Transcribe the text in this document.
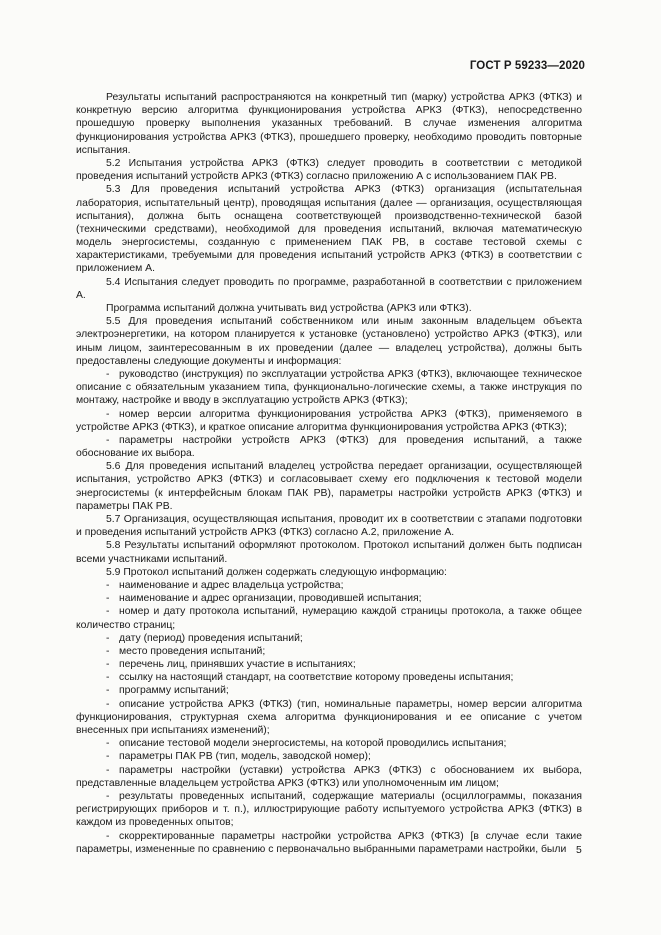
ГОСТ Р 59233—2020

Результаты испытаний распространяются на конкретный тип (марку) устройства АРКЗ (ФТКЗ) и конкретную версию алгоритма функционирования устройства АРКЗ (ФТКЗ), непосредственно прошедшую проверку выполнения указанных требований. В случае изменения алгоритма функционирования устройства АРКЗ (ФТКЗ), прошедшего проверку, необходимо проводить повторные испытания.

5.2 Испытания устройства АРКЗ (ФТКЗ) следует проводить в соответствии с методикой проведения испытаний устройств АРКЗ (ФТКЗ) согласно приложению А с использованием ПАК РВ.

5.3 Для проведения испытаний устройства АРКЗ (ФТКЗ) организация (испытательная лаборатория, испытательный центр), проводящая испытания (далее — организация, осуществляющая испытания), должна быть оснащена соответствующей производственно-технической базой (техническими средствами), необходимой для проведения испытаний, включая математическую модель энергосистемы, созданную с применением ПАК РВ, в составе тестовой схемы с характеристиками, требуемыми для проведения испытаний устройств АРКЗ (ФТКЗ) в соответствии с приложением А.

5.4 Испытания следует проводить по программе, разработанной в соответствии с приложением А.

Программа испытаний должна учитывать вид устройства (АРКЗ или ФТКЗ).

5.5 Для проведения испытаний собственником или иным законным владельцем объекта электроэнергетики, на котором планируется к установке (установлено) устройство АРКЗ (ФТКЗ), или иным лицом, заинтересованным в их проведении (далее — владелец устройства), должны быть предоставлены следующие документы и информация:

- руководство (инструкция) по эксплуатации устройства АРКЗ (ФТКЗ), включающее техническое описание с обязательным указанием типа, функционально-логические схемы, а также инструкция по монтажу, настройке и вводу в эксплуатацию устройств АРКЗ (ФТКЗ);

- номер версии алгоритма функционирования устройства АРКЗ (ФТКЗ), применяемого в устройстве АРКЗ (ФТКЗ), и краткое описание алгоритма функционирования устройства АРКЗ (ФТКЗ);

- параметры настройки устройств АРКЗ (ФТКЗ) для проведения испытаний, а также обоснование их выбора.

5.6 Для проведения испытаний владелец устройства передает организации, осуществляющей испытания, устройство АРКЗ (ФТКЗ) и согласовывает схему его подключения к тестовой модели энергосистемы (к интерфейсным блокам ПАК РВ), параметры настройки устройств АРКЗ (ФТКЗ) и параметры ПАК РВ.

5.7 Организация, осуществляющая испытания, проводит их в соответствии с этапами подготовки и проведения испытаний устройств АРКЗ (ФТКЗ) согласно А.2, приложение А.

5.8 Результаты испытаний оформляют протоколом. Протокол испытаний должен быть подписан всеми участниками испытаний.

5.9 Протокол испытаний должен содержать следующую информацию:

- наименование и адрес владельца устройства;

- наименование и адрес организации, проводившей испытания;

- номер и дату протокола испытаний, нумерацию каждой страницы протокола, а также общее количество страниц;

- дату (период) проведения испытаний;

- место проведения испытаний;

- перечень лиц, принявших участие в испытаниях;

- ссылку на настоящий стандарт, на соответствие которому проведены испытания;

- программу испытаний;

- описание устройства АРКЗ (ФТКЗ) (тип, номинальные параметры, номер версии алгоритма функционирования, структурная схема алгоритма функционирования и ее описание с учетом внесенных при испытаниях изменений);

- описание тестовой модели энергосистемы, на которой проводились испытания;

- параметры ПАК РВ (тип, модель, заводской номер);

- параметры настройки (уставки) устройства АРКЗ (ФТКЗ) с обоснованием их выбора, представленные владельцем устройства АРКЗ (ФТКЗ) или уполномоченным им лицом;

- результаты проведенных испытаний, содержащие материалы (осциллограммы, показания регистрирующих приборов и т. п.), иллюстрирующие работу испытуемого устройства АРКЗ (ФТКЗ) в каждом из проведенных опытов;

- скорректированные параметры настройки устройства АРКЗ (ФТКЗ) [в случае если такие параметры, измененные по сравнению с первоначально выбранными параметрами настройки, были 5
